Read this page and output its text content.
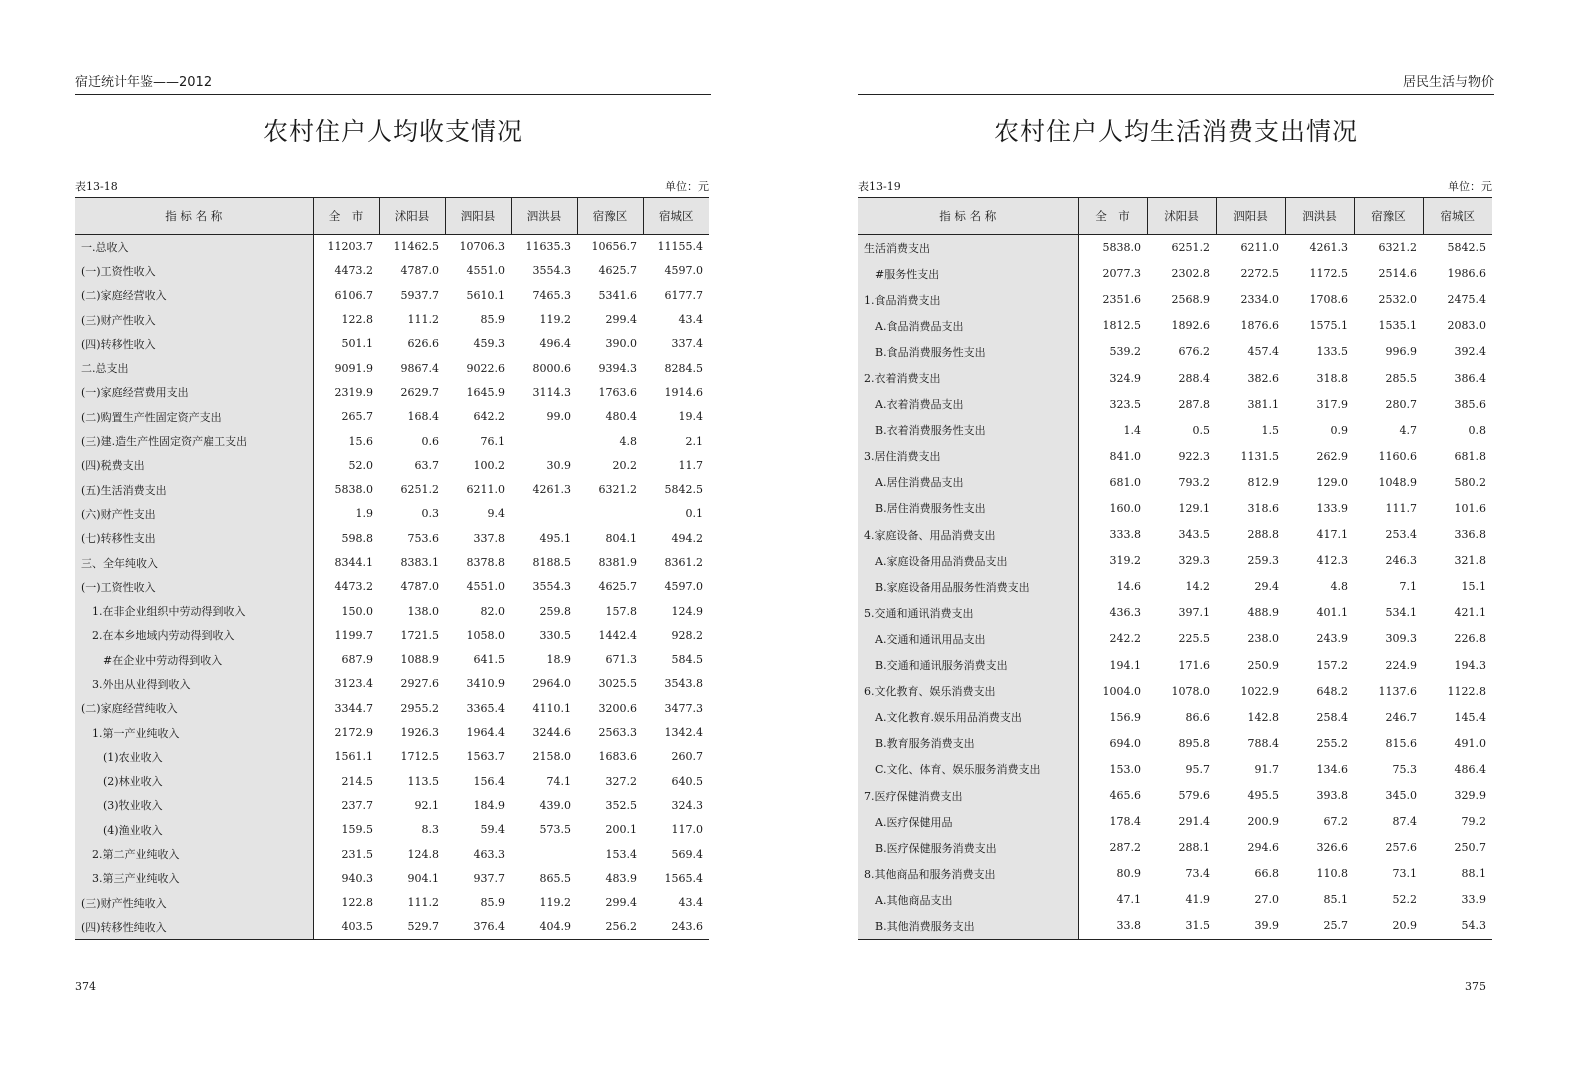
宿迁统计年鉴——2012
农村住户人均收支情况
表13-18	单位：元
指 标 名 称	全　市	沭阳县	泗阳县	泗洪县	宿豫区	宿城区
一.总收入	11203.7	11462.5	10706.3	11635.3	10656.7	11155.4
(一)工资性收入	4473.2	4787.0	4551.0	3554.3	4625.7	4597.0
(二)家庭经营收入	6106.7	5937.7	5610.1	7465.3	5341.6	6177.7
(三)财产性收入	122.8	111.2	85.9	119.2	299.4	43.4
(四)转移性收入	501.1	626.6	459.3	496.4	390.0	337.4
二.总支出	9091.9	9867.4	9022.6	8000.6	9394.3	8284.5
(一)家庭经营费用支出	2319.9	2629.7	1645.9	3114.3	1763.6	1914.6
(二)购置生产性固定资产支出	265.7	168.4	642.2	99.0	480.4	19.4
(三)建.造生产性固定资产雇工支出	15.6	0.6	76.1		4.8	2.1
(四)税费支出	52.0	63.7	100.2	30.9	20.2	11.7
(五)生活消费支出	5838.0	6251.2	6211.0	4261.3	6321.2	5842.5
(六)财产性支出	1.9	0.3	9.4			0.1
(七)转移性支出	598.8	753.6	337.8	495.1	804.1	494.2
三、全年纯收入	8344.1	8383.1	8378.8	8188.5	8381.9	8361.2
(一)工资性收入	4473.2	4787.0	4551.0	3554.3	4625.7	4597.0
　1.在非企业组织中劳动得到收入	150.0	138.0	82.0	259.8	157.8	124.9
　2.在本乡地域内劳动得到收入	1199.7	1721.5	1058.0	330.5	1442.4	928.2
　　#在企业中劳动得到收入	687.9	1088.9	641.5	18.9	671.3	584.5
　3.外出从业得到收入	3123.4	2927.6	3410.9	2964.0	3025.5	3543.8
(二)家庭经营纯收入	3344.7	2955.2	3365.4	4110.1	3200.6	3477.3
　1.第一产业纯收入	2172.9	1926.3	1964.4	3244.6	2563.3	1342.4
　　(1)农业收入	1561.1	1712.5	1563.7	2158.0	1683.6	260.7
　　(2)林业收入	214.5	113.5	156.4	74.1	327.2	640.5
　　(3)牧业收入	237.7	92.1	184.9	439.0	352.5	324.3
　　(4)渔业收入	159.5	8.3	59.4	573.5	200.1	117.0
　2.第二产业纯收入	231.5	124.8	463.3		153.4	569.4
　3.第三产业纯收入	940.3	904.1	937.7	865.5	483.9	1565.4
(三)财产性纯收入	122.8	111.2	85.9	119.2	299.4	43.4
(四)转移性纯收入	403.5	529.7	376.4	404.9	256.2	243.6
374
居民生活与物价
农村住户人均生活消费支出情况
表13-19	单位：元
指 标 名 称	全　市	沭阳县	泗阳县	泗洪县	宿豫区	宿城区
生活消费支出	5838.0	6251.2	6211.0	4261.3	6321.2	5842.5
　#服务性支出	2077.3	2302.8	2272.5	1172.5	2514.6	1986.6
1.食品消费支出	2351.6	2568.9	2334.0	1708.6	2532.0	2475.4
　A.食品消费品支出	1812.5	1892.6	1876.6	1575.1	1535.1	2083.0
　B.食品消费服务性支出	539.2	676.2	457.4	133.5	996.9	392.4
2.衣着消费支出	324.9	288.4	382.6	318.8	285.5	386.4
　A.衣着消费品支出	323.5	287.8	381.1	317.9	280.7	385.6
　B.衣着消费服务性支出	1.4	0.5	1.5	0.9	4.7	0.8
3.居住消费支出	841.0	922.3	1131.5	262.9	1160.6	681.8
　A.居住消费品支出	681.0	793.2	812.9	129.0	1048.9	580.2
　B.居住消费服务性支出	160.0	129.1	318.6	133.9	111.7	101.6
4.家庭设备、用品消费支出	333.8	343.5	288.8	417.1	253.4	336.8
　A.家庭设备用品消费品支出	319.2	329.3	259.3	412.3	246.3	321.8
　B.家庭设备用品服务性消费支出	14.6	14.2	29.4	4.8	7.1	15.1
5.交通和通讯消费支出	436.3	397.1	488.9	401.1	534.1	421.1
　A.交通和通讯用品支出	242.2	225.5	238.0	243.9	309.3	226.8
　B.交通和通讯服务消费支出	194.1	171.6	250.9	157.2	224.9	194.3
6.文化教育、娱乐消费支出	1004.0	1078.0	1022.9	648.2	1137.6	1122.8
　A.文化教育.娱乐用品消费支出	156.9	86.6	142.8	258.4	246.7	145.4
　B.教育服务消费支出	694.0	895.8	788.4	255.2	815.6	491.0
　C.文化、体育、娱乐服务消费支出	153.0	95.7	91.7	134.6	75.3	486.4
7.医疗保健消费支出	465.6	579.6	495.5	393.8	345.0	329.9
　A.医疗保健用品	178.4	291.4	200.9	67.2	87.4	79.2
　B.医疗保健服务消费支出	287.2	288.1	294.6	326.6	257.6	250.7
8.其他商品和服务消费支出	80.9	73.4	66.8	110.8	73.1	88.1
　A.其他商品支出	47.1	41.9	27.0	85.1	52.2	33.9
　B.其他消费服务支出	33.8	31.5	39.9	25.7	20.9	54.3
375
